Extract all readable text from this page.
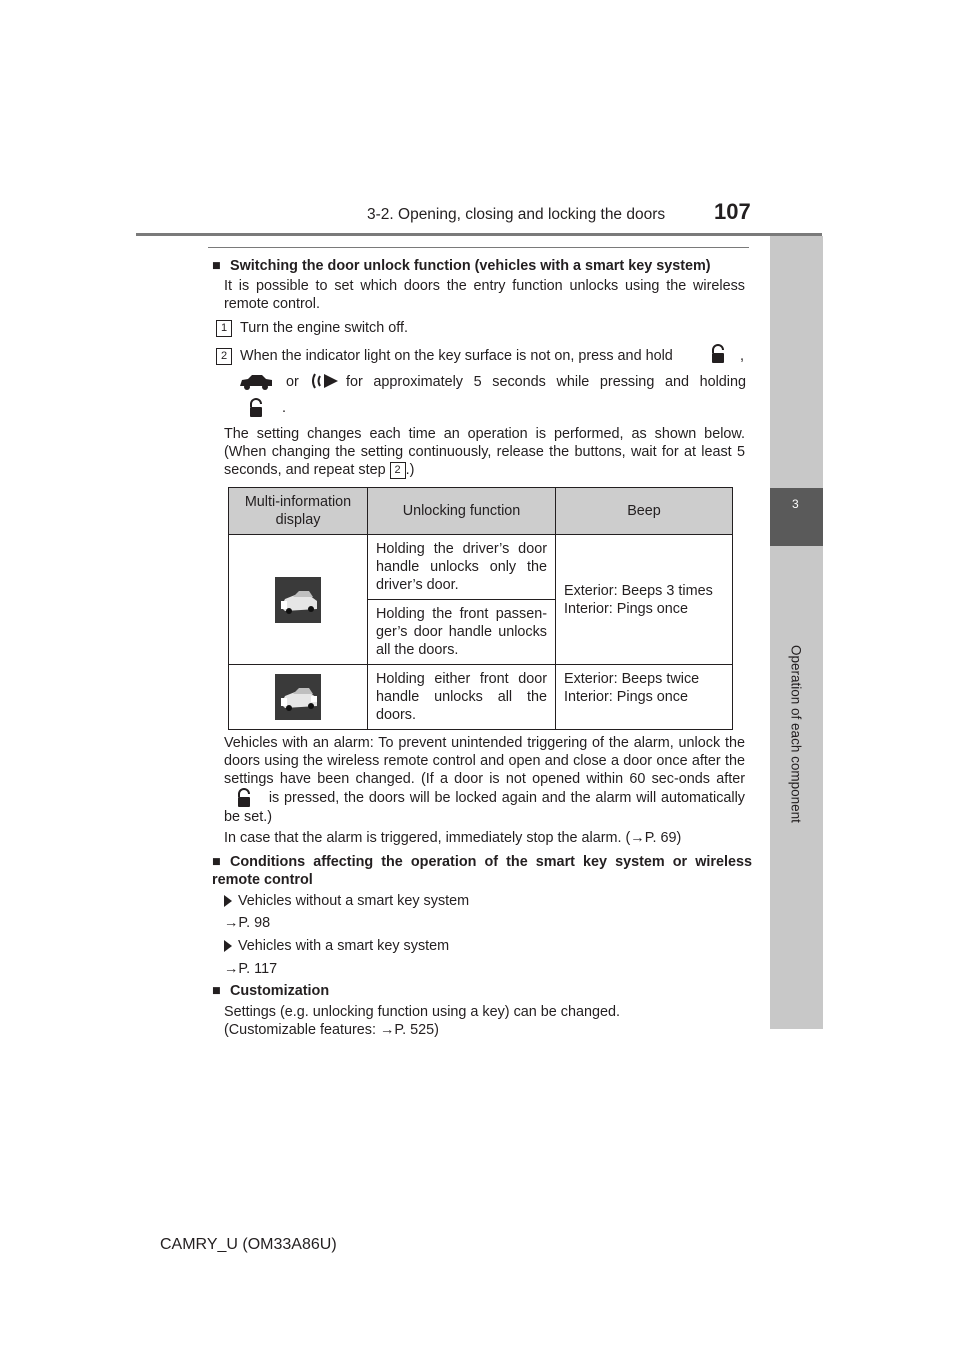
3-2. Opening, closing and locking the doors 107
3
■ Switching the door unlock function (vehicles with a smart key system)
It is possible to set which doors the entry function unlocks using the wireless remote control.
1 Turn the engine switch off.
2 When the indicator light on the key surface is not on, press and hold	,
or	for approximately 5 seconds while pressing and holding
.
The setting changes each time an operation is performed, as shown below. (When changing the setting continuously, release the buttons, wait for at least 5 seconds, and repeat step 2 .)
Multi-information display	Unlocking function	Beep
	Holding the driver’s door handle unlocks only the driver’s door.	Exterior: Beeps 3 times
Interior: Pings once
	Holding the front passen-ger’s door handle unlocks all the doors.	
	Holding either front door handle unlocks all the doors.	Exterior: Beeps twice
Interior: Pings once
Vehicles with an alarm: To prevent unintended triggering of the alarm, unlock the doors using the wireless remote control and open and close a door once after the settings have been changed. (If a door is not opened within 60 sec-onds after  is pressed, the doors will be locked again and the alarm will automatically be set.)
In case that the alarm is triggered, immediately stop the alarm. (→P. 69)
■ Conditions affecting the operation of the smart key system or wireless remote control
Vehicles without a smart key system
→P. 98
Vehicles with a smart key system
→P. 117
■ Customization
Settings (e.g. unlocking function using a key) can be changed.
(Customizable features: →P. 525)
CAMRY_U (OM33A86U)
